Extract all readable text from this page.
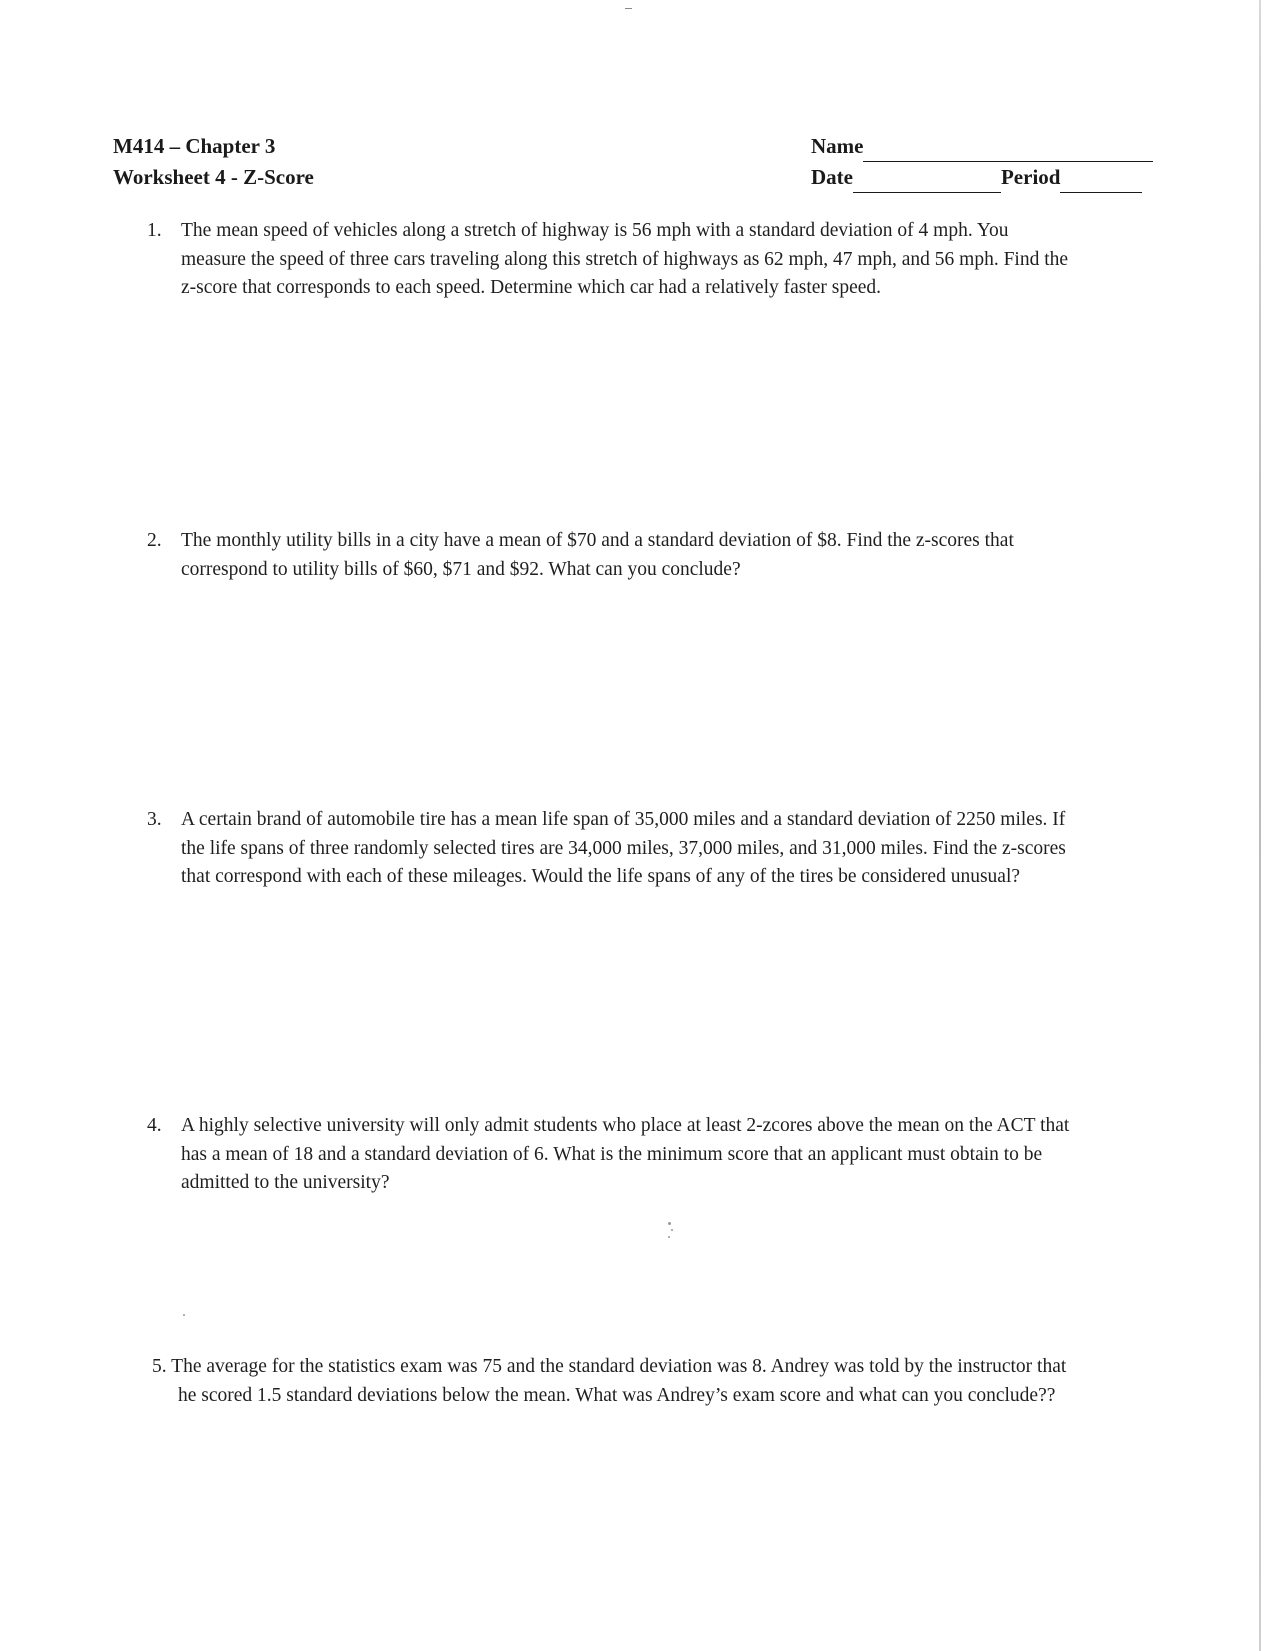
M414 – Chapter 3
Worksheet 4 - Z-Score
Name
Date	Period
1. The mean speed of vehicles along a stretch of highway is 56 mph with a standard deviation of 4 mph. You
measure the speed of three cars traveling along this stretch of highways as 62 mph, 47 mph, and 56 mph. Find the
z-score that corresponds to each speed. Determine which car had a relatively faster speed.
2. The monthly utility bills in a city have a mean of $70 and a standard deviation of $8. Find the z-scores that
correspond to utility bills of $60, $71 and $92. What can you conclude?
3. A certain brand of automobile tire has a mean life span of 35,000 miles and a standard deviation of 2250 miles. If
the life spans of three randomly selected tires are 34,000 miles, 37,000 miles, and 31,000 miles. Find the z-scores
that correspond with each of these mileages. Would the life spans of any of the tires be considered unusual?
4. A highly selective university will only admit students who place at least 2-zcores above the mean on the ACT that
has a mean of 18 and a standard deviation of 6. What is the minimum score that an applicant must obtain to be
admitted to the university?
5. The average for the statistics exam was 75 and the standard deviation was 8. Andrey was told by the instructor that
he scored 1.5 standard deviations below the mean. What was Andrey’s exam score and what can you conclude??
